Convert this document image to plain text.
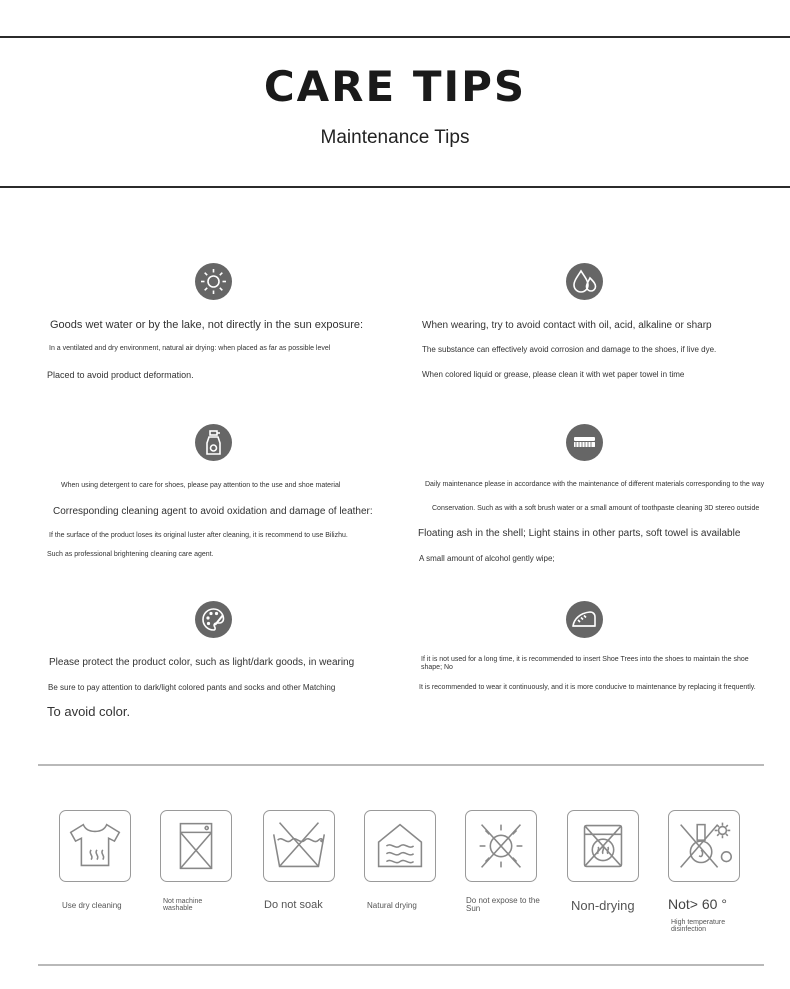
CARE TIPS
Maintenance Tips
Goods wet water or by the lake, not directly in the sun exposure:
In a ventilated and dry environment, natural air drying: when placed as far as possible level
Placed to avoid product deformation.
When wearing, try to avoid contact with oil, acid, alkaline or sharp
The substance can effectively avoid corrosion and damage to the shoes, if live dye.
When colored liquid or grease, please clean it with wet paper towel in time
When using detergent to care for shoes, please pay attention to the use and shoe material
Corresponding cleaning agent to avoid oxidation and damage of leather:
If the surface of the product loses its original luster after cleaning, it is recommend to use Bilizhu.
Such as professional brightening cleaning care agent.
Daily maintenance please in accordance with the maintenance of different materials corresponding to the way
Conservation. Such as with a soft brush water or a small amount of toothpaste cleaning 3D stereo outside
Floating ash in the shell; Light stains in other parts, soft towel is available
A small amount of alcohol gently wipe;
Please protect the product color, such as light/dark goods, in wearing
Be sure to pay attention to dark/light colored pants and socks and other Matching
To avoid color.
If it is not used for a long time, it is recommended to insert Shoe Trees into the shoes to maintain the shoe shape; No
It is recommended to wear it continuously, and it is more conducive to maintenance by replacing it frequently.
Use dry cleaning	Not machine washable	Do not soak	Natural drying
Do not expose to the Sun	Non-drying Not> 60 °
High temperature disinfection
